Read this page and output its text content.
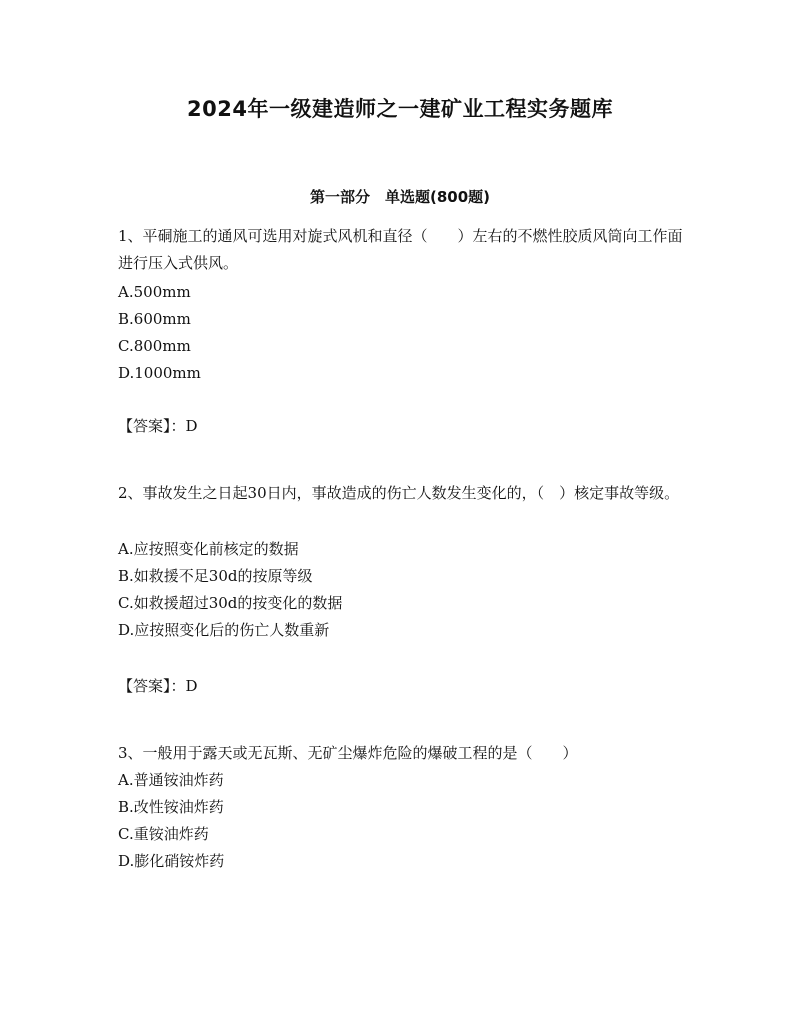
2024年一级建造师之一建矿业工程实务题库
第一部分　单选题(800题)

1、平硐施工的通风可选用对旋式风机和直径（　　）左右的不燃性胶质风筒向工作面进行压入式供风。

A.500mm

B.600mm

C.800mm

D.1000mm

【答案】：D

2、事故发生之日起30日内，事故造成的伤亡人数发生变化的，（　）核定事故等级。

A.应按照变化前核定的数据

B.如救援不足30d的按原等级

C.如救援超过30d的按变化的数据

D.应按照变化后的伤亡人数重新

【答案】：D

3、一般用于露天或无瓦斯、无矿尘爆炸危险的爆破工程的是（　　）

A.普通铵油炸药

B.改性铵油炸药

C.重铵油炸药

D.膨化硝铵炸药
